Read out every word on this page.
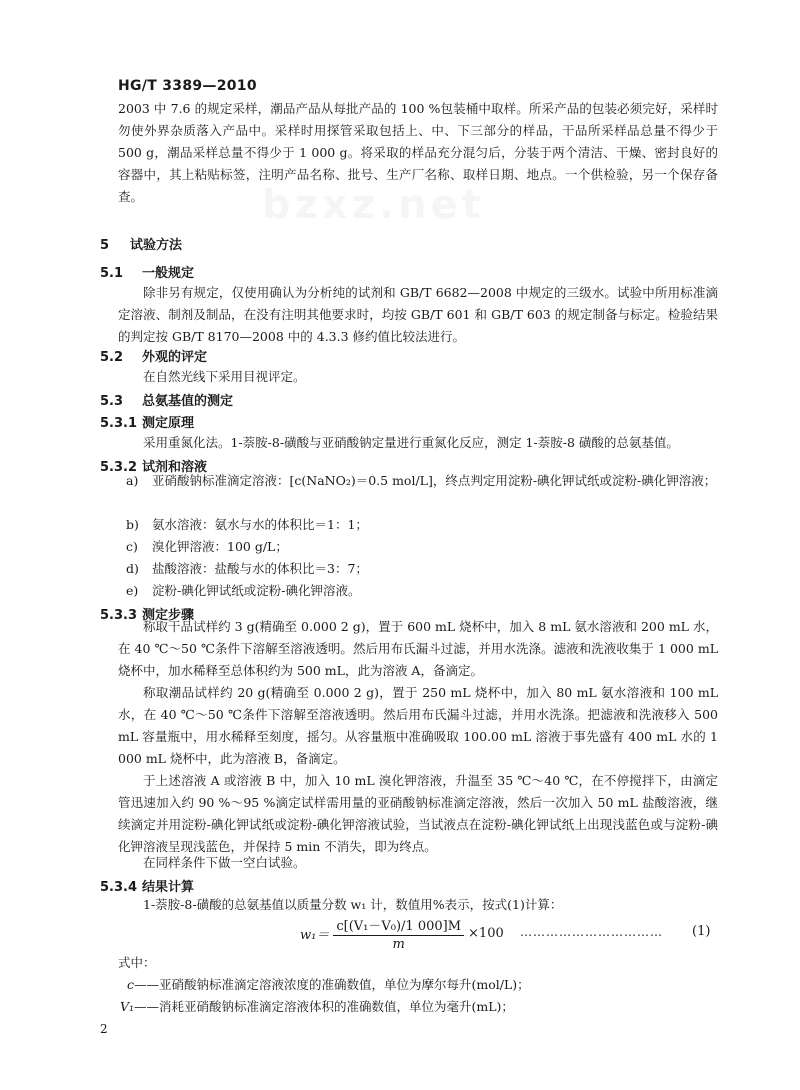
HG/T 3389—2010

2003 中 7.6 的规定采样，潮品产品从每批产品的 100 %包装桶中取样。所采产品的包装必须完好，采样时勿使外界杂质落入产品中。采样时用探管采取包括上、中、下三部分的样品，干品所采样品总量不得少于 500 g，潮品采样总量不得少于 1 000 g。将采取的样品充分混匀后，分装于两个清洁、干燥、密封良好的容器中，其上粘贴标签，注明产品名称、批号、生产厂名称、取样日期、地点。一个供检验，另一个保存备查。

5 试验方法
5.1 一般规定

除非另有规定，仅使用确认为分析纯的试剂和 GB/T 6682—2008 中规定的三级水。试验中所用标准滴定溶液、制剂及制品，在没有注明其他要求时，均按 GB/T 601 和 GB/T 603 的规定制备与标定。检验结果的判定按 GB/T 8170—2008 中的 4.3.3 修约值比较法进行。

5.2 外观的评定

在自然光线下采用目视评定。

5.3 总氨基值的测定
5.3.1 测定原理

采用重氮化法。1-萘胺-8-磺酸与亚硝酸钠定量进行重氮化反应，测定 1-萘胺-8 磺酸的总氨基值。

5.3.2 试剂和溶液
a) 亚硝酸钠标准滴定溶液：[c(NaNO₂)＝0.5 mol/L]，终点判定用淀粉-碘化钾试纸或淀粉-碘化钾溶液；
b) 氨水溶液：氨水与水的体积比＝1：1；
c) 溴化钾溶液：100 g/L；
d) 盐酸溶液：盐酸与水的体积比＝3：7；
e) 淀粉-碘化钾试纸或淀粉-碘化钾溶液。
5.3.3 测定步骤

称取干品试样约 3 g(精确至 0.000 2 g)，置于 600 mL 烧杯中，加入 8 mL 氨水溶液和 200 mL 水，在 40 ℃～50 ℃条件下溶解至溶液透明。然后用布氏漏斗过滤，并用水洗涤。滤液和洗液收集于 1 000 mL 烧杯中，加水稀释至总体积约为 500 mL，此为溶液 A，备滴定。

称取潮品试样约 20 g(精确至 0.000 2 g)，置于 250 mL 烧杯中，加入 80 mL 氨水溶液和 100 mL 水，在 40 ℃～50 ℃条件下溶解至溶液透明。然后用布氏漏斗过滤，并用水洗涤。把滤液和洗液移入 500 mL 容量瓶中，用水稀释至刻度，摇匀。从容量瓶中准确吸取 100.00 mL 溶液于事先盛有 400 mL 水的 1 000 mL 烧杯中，此为溶液 B，备滴定。

于上述溶液 A 或溶液 B 中，加入 10 mL 溴化钾溶液，升温至 35 ℃～40 ℃，在不停搅拌下，由滴定管迅速加入约 90 %～95 %滴定试样需用量的亚硝酸钠标准滴定溶液，然后一次加入 50 mL 盐酸溶液，继续滴定并用淀粉-碘化钾试纸或淀粉-碘化钾溶液试验，当试液点在淀粉-碘化钾试纸上出现浅蓝色或与淀粉-碘化钾溶液呈现浅蓝色，并保持 5 min 不消失，即为终点。

在同样条件下做一空白试验。

5.3.4 结果计算

1-萘胺-8-磺酸的总氨基值以质量分数 w₁ 计，数值用%表示，按式(1)计算：

$w_1= \frac{\text{c[(V₁－V₀)/1 000]M}}{m} \times 100$ …………………………… (1)

式中：

c——亚硝酸钠标准滴定溶液浓度的准确数值，单位为摩尔每升(mol/L)；
V₁——消耗亚硝酸钠标准滴定溶液体积的准确数值，单位为毫升(mL)；
2
